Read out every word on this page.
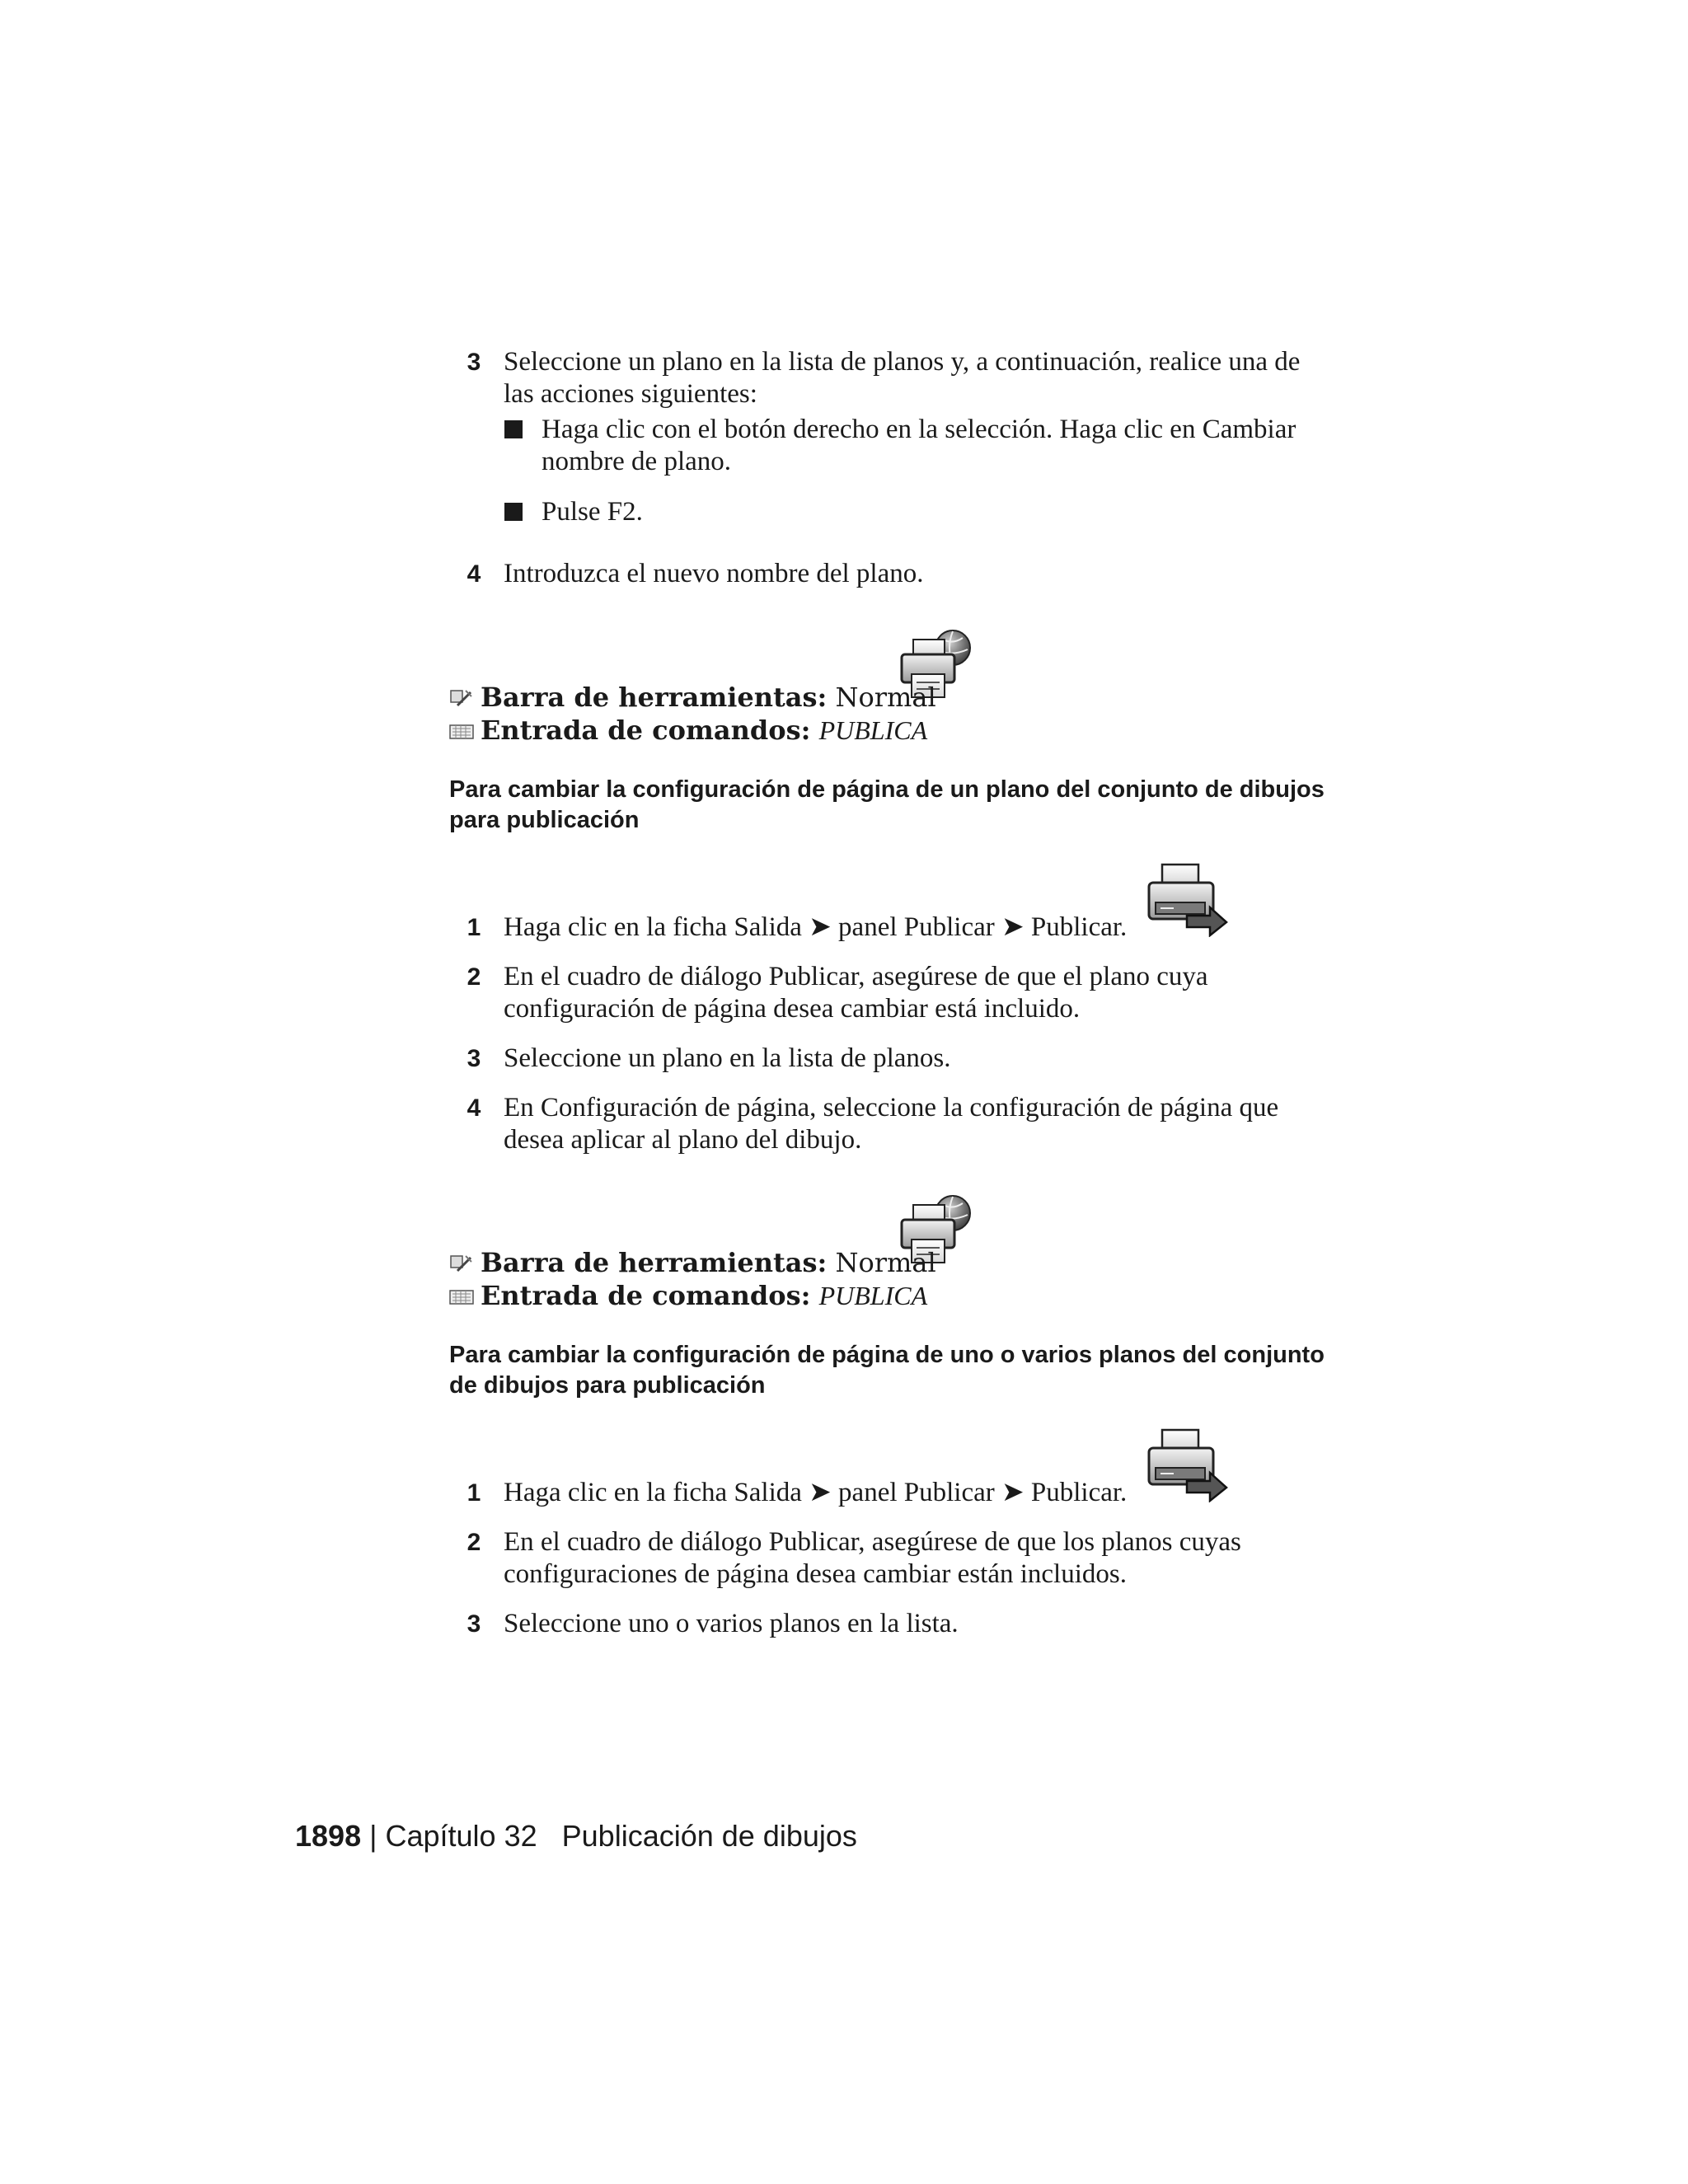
3 Seleccione un plano en la lista de planos y, a continuación, realice una de las acciones siguientes:
Haga clic con el botón derecho en la selección. Haga clic en Cambiar nombre de plano.
Pulse F2.
4 Introduzca el nuevo nombre del plano.
Barra de herramientas: Normal
Entrada de comandos: PUBLICA
Para cambiar la configuración de página de un plano del conjunto de dibujos para publicación
1 Haga clic en la ficha Salida ➤ panel Publicar ➤ Publicar.
2 En el cuadro de diálogo Publicar, asegúrese de que el plano cuya configuración de página desea cambiar está incluido.
3 Seleccione un plano en la lista de planos.
4 En Configuración de página, seleccione la configuración de página que desea aplicar al plano del dibujo.
Barra de herramientas: Normal
Entrada de comandos: PUBLICA
Para cambiar la configuración de página de uno o varios planos del conjunto de dibujos para publicación
1 Haga clic en la ficha Salida ➤ panel Publicar ➤ Publicar.
2 En el cuadro de diálogo Publicar, asegúrese de que los planos cuyas configuraciones de página desea cambiar están incluidos.
3 Seleccione uno o varios planos en la lista.
1898 | Capítulo 32 Publicación de dibujos
